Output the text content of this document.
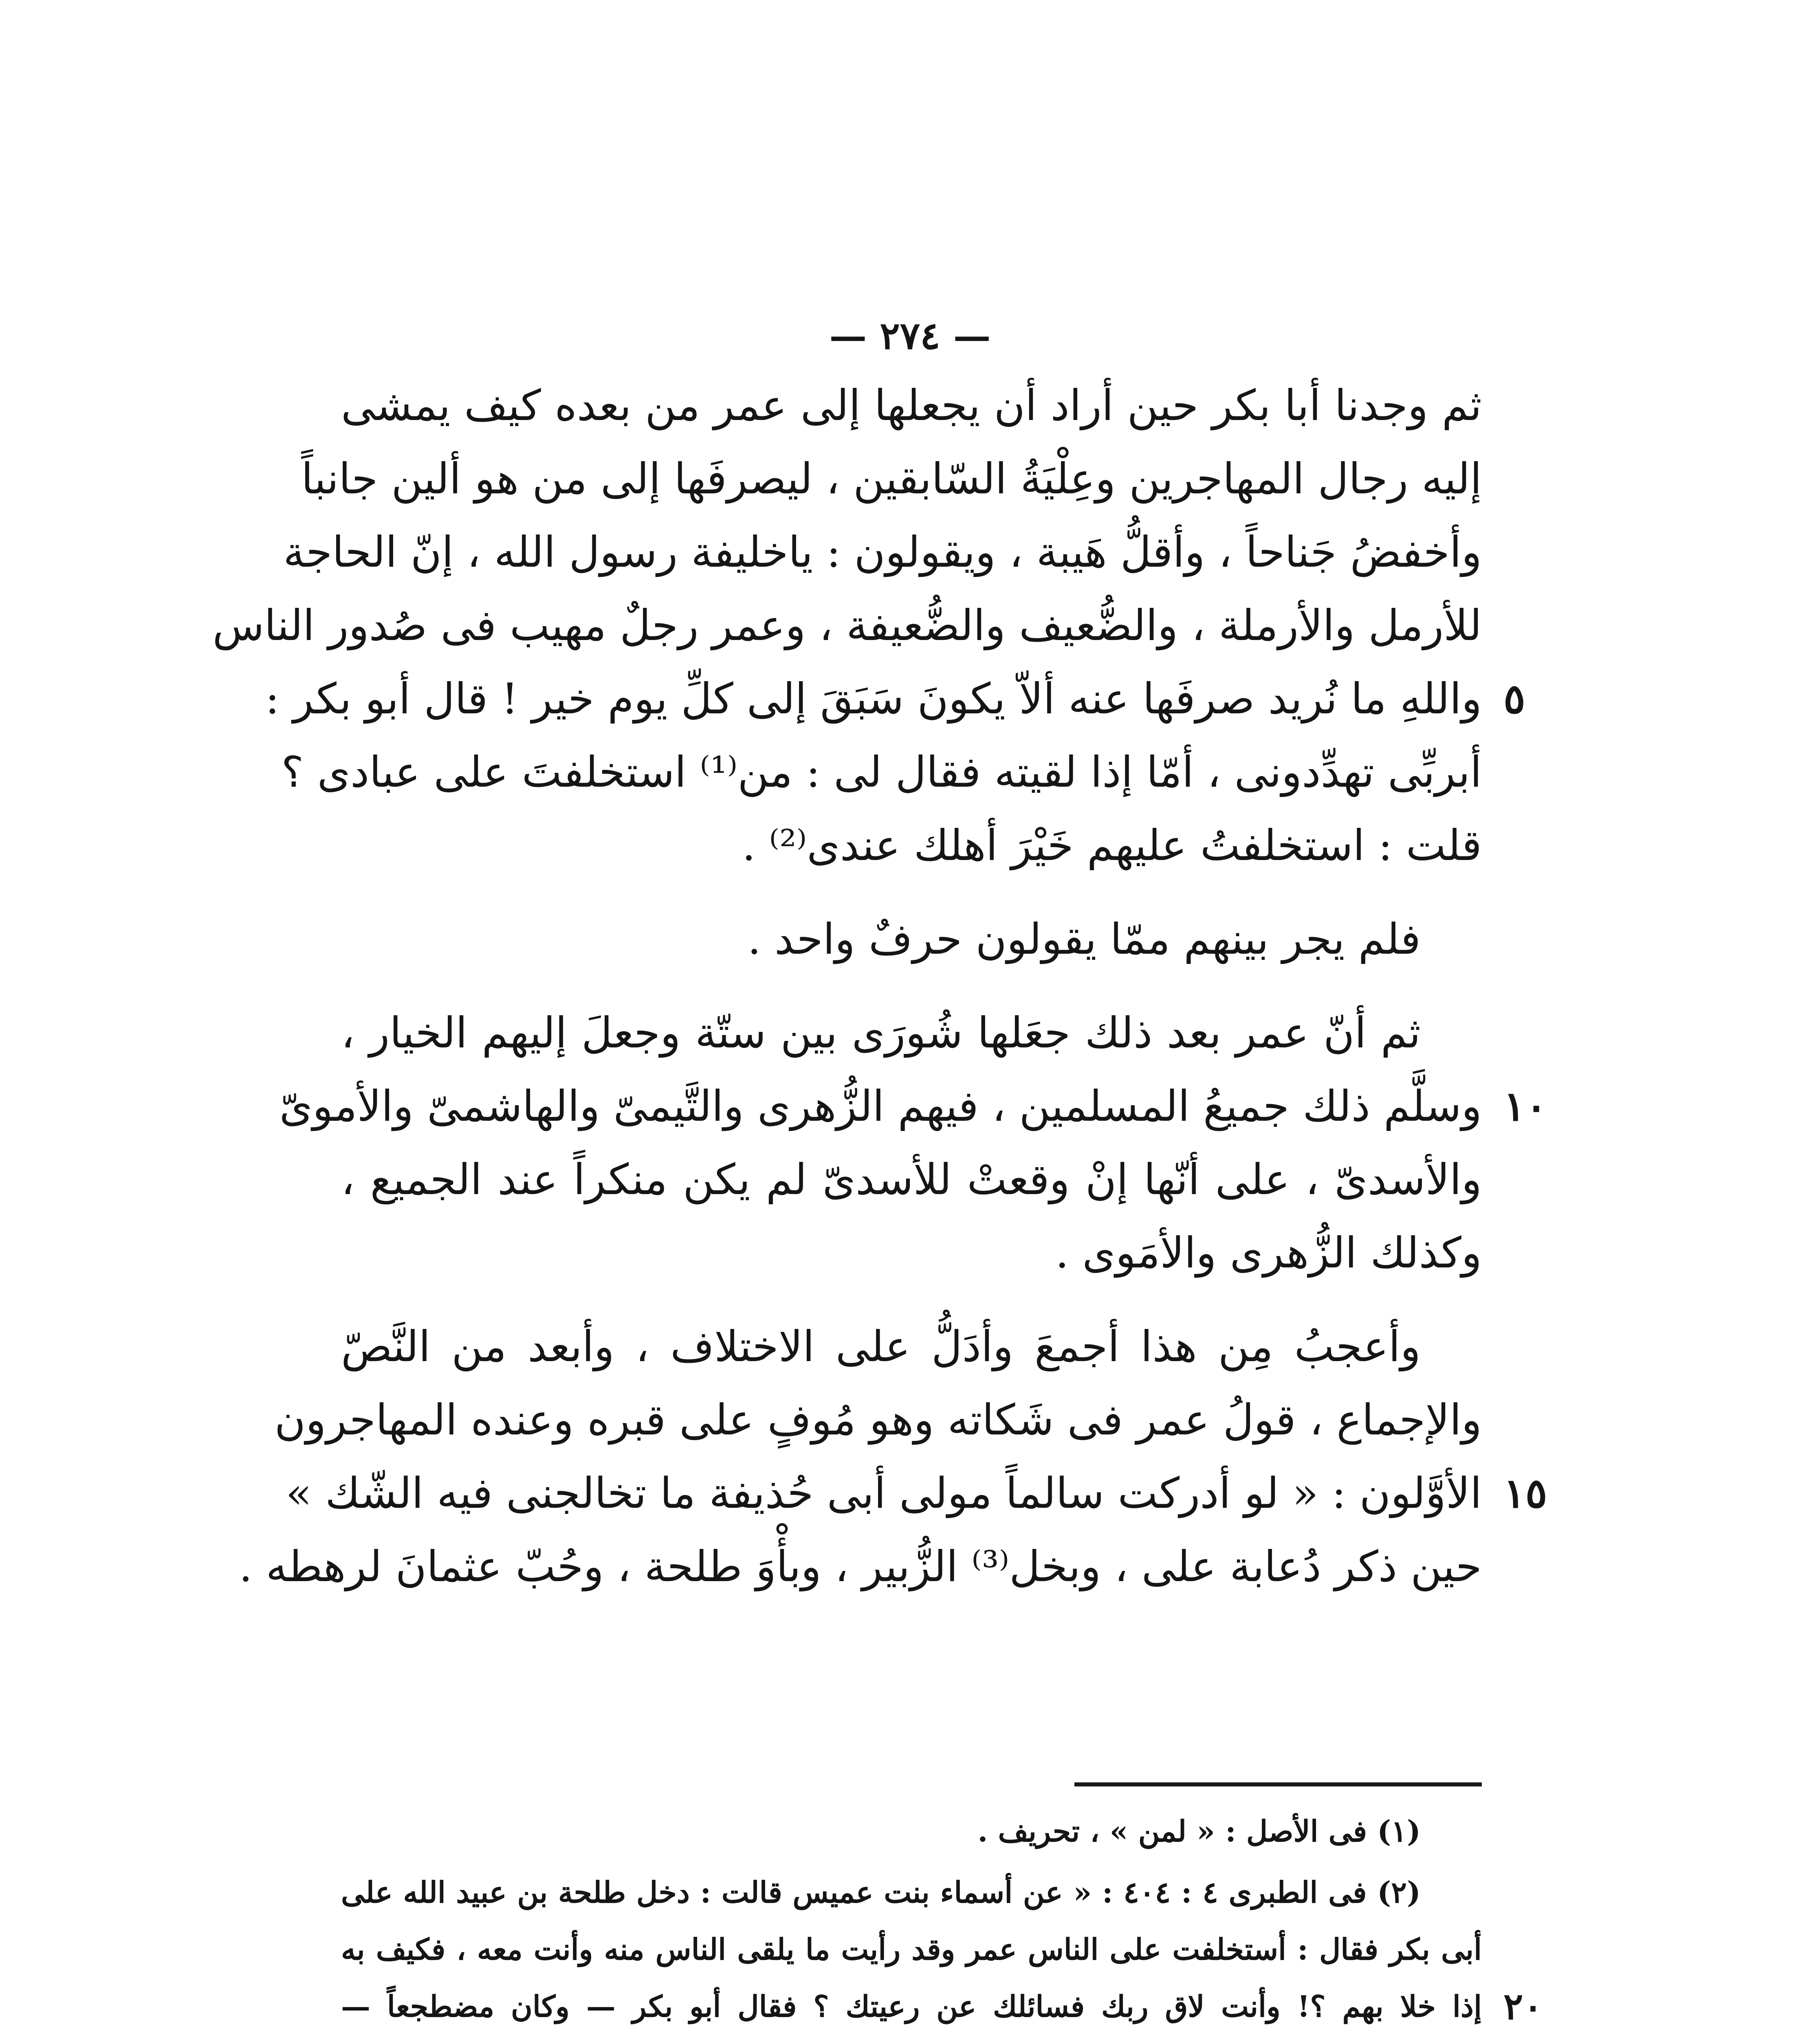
— ٢٧٤ —
ثم وجدنا أبا بكر حين أراد أن يجعلها إلى عمر من بعده كيف يمشى
إليه رجال المهاجرين وعِلْيَةُ السّابقين ، ليصرفَها إلى من هو ألين جانباً
وأخفضُ جَناحاً ، وأقلُّ هَيبة ، ويقولون : ياخليفة رسول الله ، إنّ الحاجة
للأرمل والأرملة ، والضُّعيف والضُّعيفة ، وعمر رجلٌ مهيب فى صُدور الناس
واللهِ ما نُريد صرفَها عنه ألاّ يكونَ سَبَقَ إلى كلِّ يوم خير ! قال أبو بكر :
أبربِّى تهدِّدونى ، أمّا إذا لقيته فقال لى : من⁽¹⁾ استخلفتَ على عبادى ؟
قلت : استخلفتُ عليهم خَيْرَ أهلك عندى⁽²⁾ .
فلم يجر بينهم ممّا يقولون حرفٌ واحد .
ثم أنّ عمر بعد ذلك جعَلها شُورَى بين ستّة وجعلَ إليهم الخيار ،
وسلَّم ذلك جميعُ المسلمين ، فيهم الزُّهرى والتَّيمىّ والهاشمىّ والأموىّ
والأسدىّ ، على أنّها إنْ وقعتْ للأسدىّ لم يكن منكراً عند الجميع ،
وكذلك الزُّهرى والأمَوى .
وأعجبُ مِن هذا أجمعَ وأدَلُّ على الاختلاف ، وأبعد من النَّصّ
والإجماع ، قولُ عمر فى شَكاته وهو مُوفٍ على قبره وعنده المهاجرون
الأوَّلون : « لو أدركت سالماً مولى أبى حُذيفة ما تخالجنى فيه الشّك »
حين ذكر دُعابة على ، وبخل⁽³⁾ الزُّبير ، وبأْوَ طلحة ، وحُبّ عثمانَ لرهطه .
٥
١٠
١٥
(١) فى الأصل : « لمن » ، تحريف .
(٢) فى الطبرى ٤ : ٤٠٤ : « عن أسماء بنت عميس قالت : دخل طلحة بن عبيد الله على
أبى بكر فقال : أستخلفت على الناس عمر وقد رأيت ما يلقى الناس منه وأنت معه ، فكيف به
إذا خلا بهم ؟! وأنت لاق ربك فسائلك عن رعيتك ؟ فقال أبو بكر — وكان مضطجعاً — ٢٠
